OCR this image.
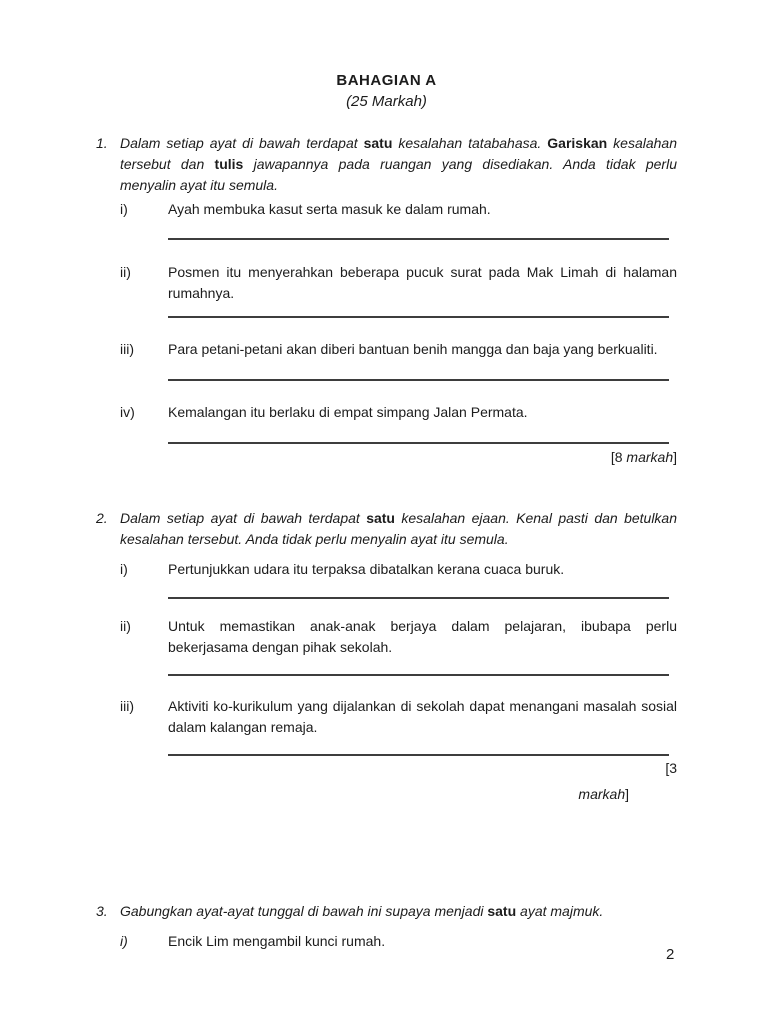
BAHAGIAN A
(25 Markah)
1. Dalam setiap ayat di bawah terdapat satu kesalahan tatabahasa. Gariskan kesalahan
tersebut dan tulis jawapannya pada ruangan yang disediakan. Anda tidak perlu
menyalin ayat itu semula.
i)	Ayah membuka kasut serta masuk ke dalam rumah.
ii)	Posmen itu menyerahkan beberapa pucuk surat pada Mak Limah di halaman
rumahnya.
iii) Para petani-petani akan diberi bantuan benih mangga dan baja yang berkualiti.
iv) Kemalangan itu berlaku di empat simpang Jalan Permata.
[8 markah]
2. Dalam setiap ayat di bawah terdapat satu kesalahan ejaan. Kenal pasti dan betulkan
kesalahan tersebut. Anda tidak perlu menyalin ayat itu semula.
i)	Pertunjukkan udara itu terpaksa dibatalkan kerana cuaca buruk.
ii)	Untuk memastikan anak-anak berjaya dalam pelajaran, ibubapa perlu
bekerjasama dengan pihak sekolah.
iii) Aktiviti ko-kurikulum yang dijalankan di sekolah dapat menangani masalah sosial
dalam kalangan remaja.
[3
markah]
3. Gabungkan ayat-ayat tunggal di bawah ini supaya menjadi satu ayat majmuk.
i)	Encik Lim mengambil kunci rumah.
2
